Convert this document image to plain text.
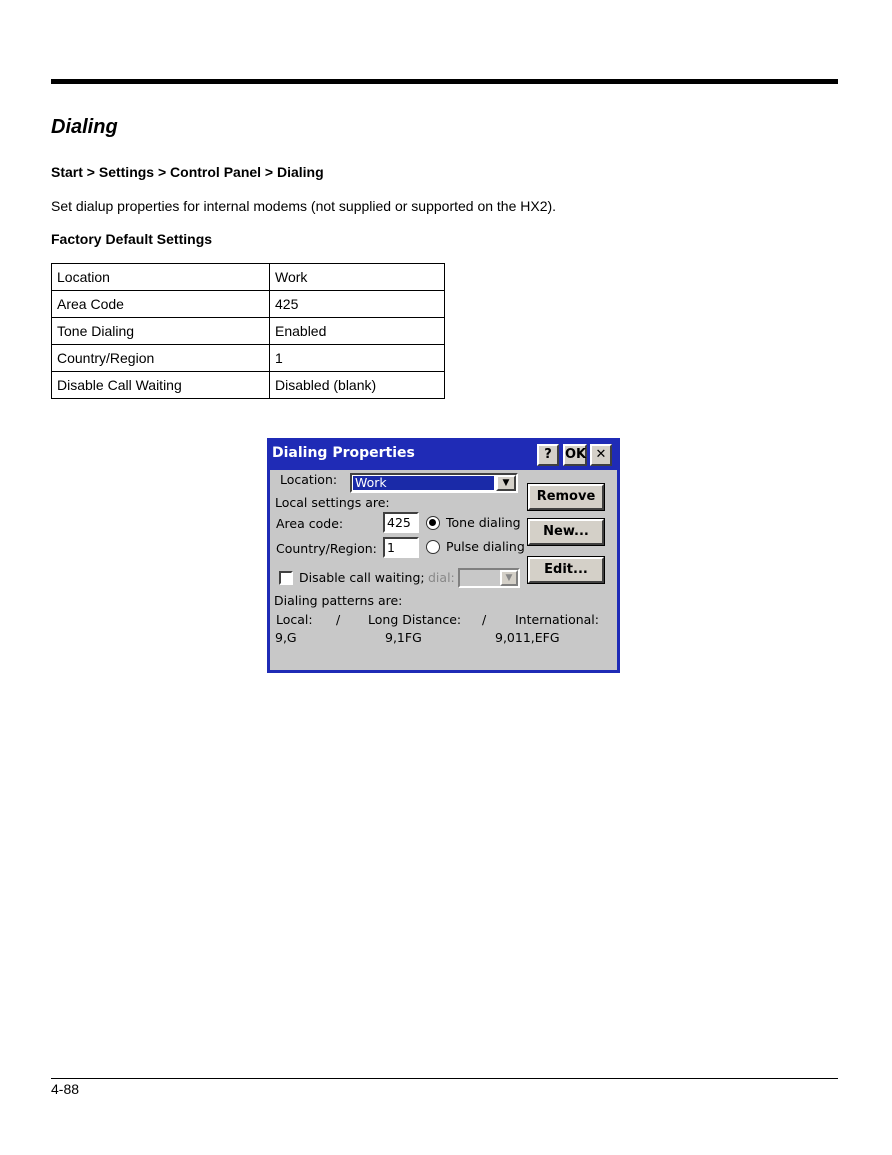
Dialing
Start > Settings > Control Panel > Dialing
Set dialup properties for internal modems (not supplied or supported on the HX2).
Factory Default Settings
Location	Work
Area Code	425
Tone Dialing	Enabled
Country/Region	1
Disable Call Waiting	Disabled (blank)
Dialing Properties	?	OK ✕
Location: Work	▼
Local settings are:
Area code:	425
Country/Region: 1
Tone dialing
Pulse dialing
Remove
New...
Edit...
Disable call waiting; dial:	▼
Dialing patterns are:
Local: / Long Distance: / International:
9,G	9,1FG	9,011,EFG
4-88
